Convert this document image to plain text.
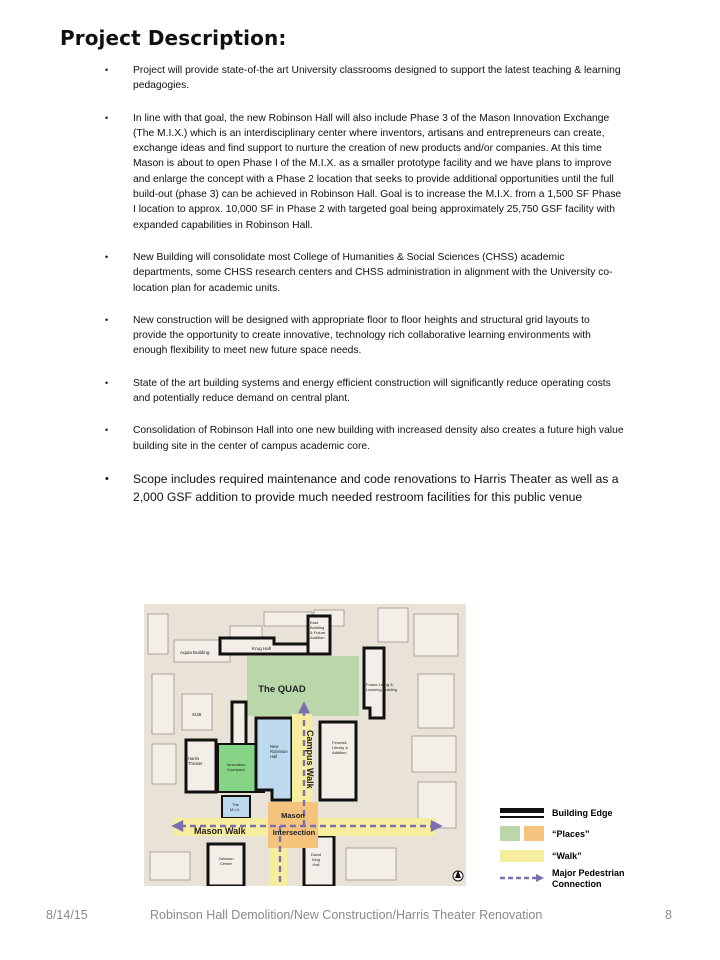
Project Description:
• Project will provide state-of-the art University classrooms designed to support the latest teaching & learning pedagogies.
• In line with that goal, the new Robinson Hall will also include Phase 3 of the Mason Innovation Exchange (The M.I.X.) which is an interdisciplinary center where inventors, artisans and entrepreneurs can create, exchange ideas and find support to nurture the creation of new products and/or companies. At this time Mason is about to open Phase I of the M.I.X. as a smaller prototype facility and we have plans to improve and enlarge the concept with a Phase 2 location that seeks to provide additional opportunities until the full build-out (phase 3) can be achieved in Robinson Hall. Goal is to increase the M.I.X. from a 1,500 SF Phase I location to approx. 10,000 SF in Phase 2 with targeted goal being approximately 25,750 GSF facility with expanded capabilities in Robinson Hall.
• New Building will consolidate most College of Humanities & Social Sciences (CHSS) academic departments, some CHSS research centers and CHSS administration in alignment with the University co-location plan for academic units.
• New construction will be designed with appropriate floor to floor heights and structural grid layouts to provide the opportunity to create innovative, technology rich collaborative learning environments with enough flexibility to meet new future space needs.
• State of the art building systems and energy efficient construction will significantly reduce operating costs and potentially reduce demand on central plant.
• Consolidation of Robinson Hall into one new building with increased density also creates a future high value building site in the center of campus academic core.
• Scope includes required maintenance and code renovations to Harris Theater as well as a 2,000 GSF addition to provide much needed restroom facilities for this public venue
The QUAD
Aquia Building
Krug Hall
East
Building
& Future
Addition
Future Living &
Learning Building
SUB
Harris
Theater	Innovation
Courtyard
The
M.I.X.
New
Robinson
Hall	Campus Walk	Fenwick
Library &
Addition
Mason Walk
Mason
Intersection
Johnson
Center
David
King
Hall
Building Edge
“Places”
“Walk”
Major Pedestrian
Connection
8/14/15	Robinson Hall Demolition/New Construction/Harris Theater Renovation	8
